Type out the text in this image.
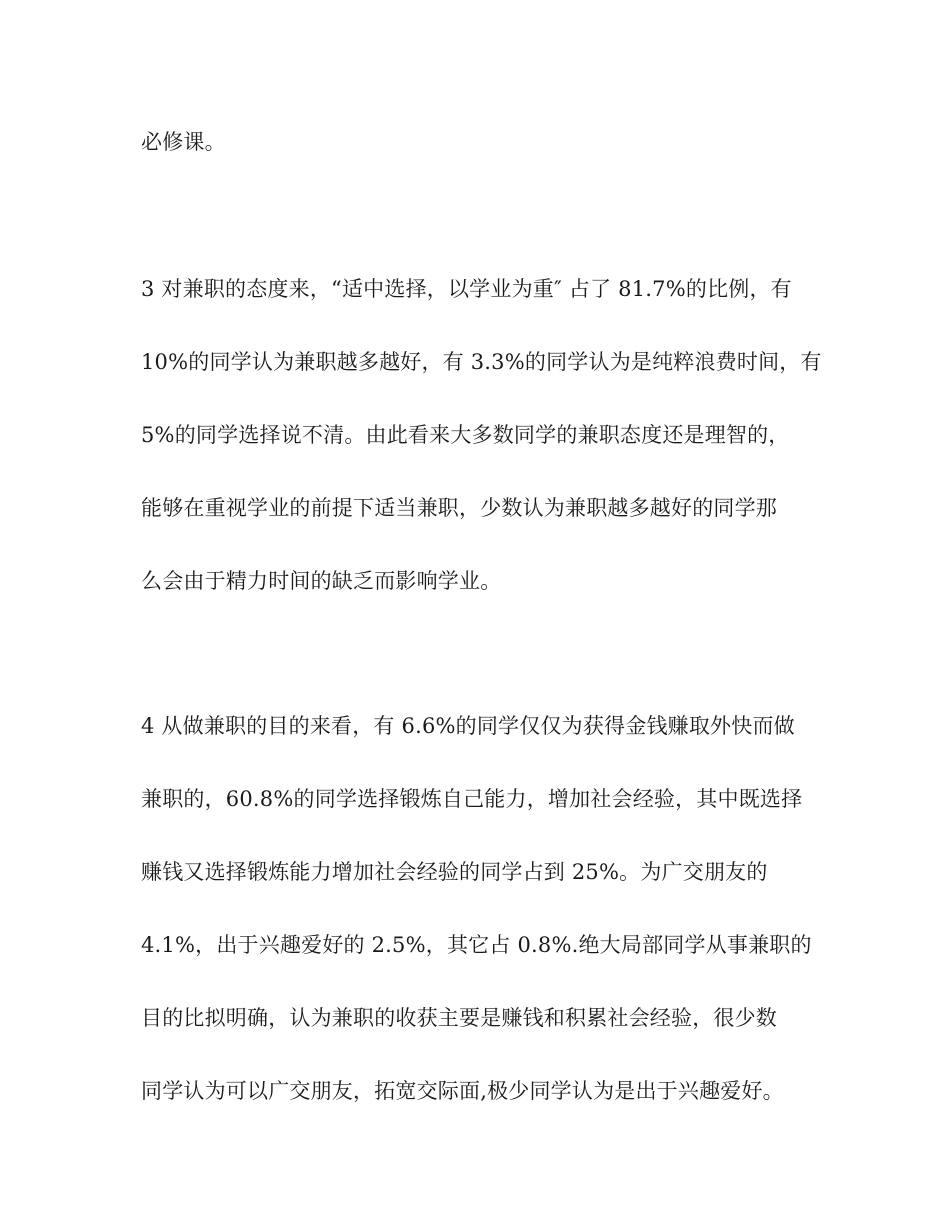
必修课。
3 对兼职的态度来，“适中选择，以学业为重″ 占了 81.7%的比例，有
10%的同学认为兼职越多越好，有 3.3%的同学认为是纯粹浪费时间，有
5%的同学选择说不清。由此看来大多数同学的兼职态度还是理智的，
能够在重视学业的前提下适当兼职，少数认为兼职越多越好的同学那
么会由于精力时间的缺乏而影响学业。
4 从做兼职的目的来看，有 6.6%的同学仅仅为获得金钱赚取外快而做
兼职的，60.8%的同学选择锻炼自己能力，增加社会经验，其中既选择
赚钱又选择锻炼能力增加社会经验的同学占到 25%。为广交朋友的
4.1%，出于兴趣爱好的 2.5%，其它占 0.8%.绝大局部同学从事兼职的
目的比拟明确，认为兼职的收获主要是赚钱和积累社会经验，很少数
同学认为可以广交朋友，拓宽交际面,极少同学认为是出于兴趣爱好。
